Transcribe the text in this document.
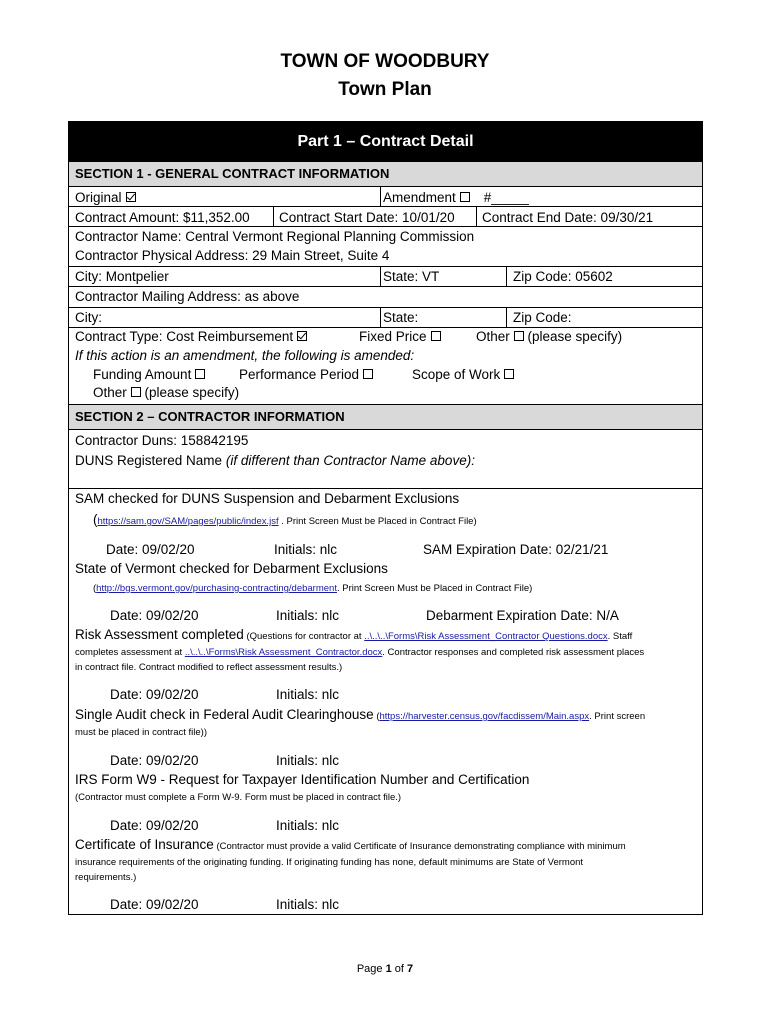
TOWN OF WOODBURY
Town Plan
Part 1 – Contract Detail
SECTION 1 - GENERAL CONTRACT INFORMATION
Original	Amendment #_____
Contract Amount: $11,352.00 Contract Start Date: 10/01/20 Contract End Date: 09/30/21
Contractor Name: Central Vermont Regional Planning Commission
Contractor Physical Address: 29 Main Street, Suite 4
City: Montpelier	State: VT	Zip Code: 05602
Contractor Mailing Address: as above
City:	State:	Zip Code:
Contract Type: Cost Reimbursement	Fixed Price	Other (please specify)
If this action is an amendment, the following is amended:
Funding Amount	Performance Period	Scope of Work
Other (please specify)
SECTION 2 – CONTRACTOR INFORMATION
Contractor Duns: 158842195
DUNS Registered Name (if different than Contractor Name above):
SAM checked for DUNS Suspension and Debarment Exclusions
(https://sam.gov/SAM/pages/public/index.jsf . Print Screen Must be Placed in Contract File)
Date: 09/02/20	Initials: nlc	SAM Expiration Date: 02/21/21
State of Vermont checked for Debarment Exclusions
(http://bgs.vermont.gov/purchasing-contracting/debarment. Print Screen Must be Placed in Contract File)
Date: 09/02/20	Initials: nlc	Debarment Expiration Date: N/A
Risk Assessment completed (Questions for contractor at ..\..\..\Forms\Risk Assessment_Contractor Questions.docx. Staff
completes assessment at ..\..\..\Forms\Risk Assessment_Contractor.docx. Contractor responses and completed risk assessment places
in contract file. Contract modified to reflect assessment results.)
Date: 09/02/20	Initials: nlc
Single Audit check in Federal Audit Clearinghouse (https://harvester.census.gov/facdissem/Main.aspx. Print screen
must be placed in contract file))
Date: 09/02/20	Initials: nlc
IRS Form W9 - Request for Taxpayer Identification Number and Certification
(Contractor must complete a Form W-9. Form must be placed in contract file.)
Date: 09/02/20	Initials: nlc
Certificate of Insurance (Contractor must provide a valid Certificate of Insurance demonstrating compliance with minimum
insurance requirements of the originating funding. If originating funding has none, default minimums are State of Vermont
requirements.)
Date: 09/02/20	Initials: nlc
Page 1 of 7
